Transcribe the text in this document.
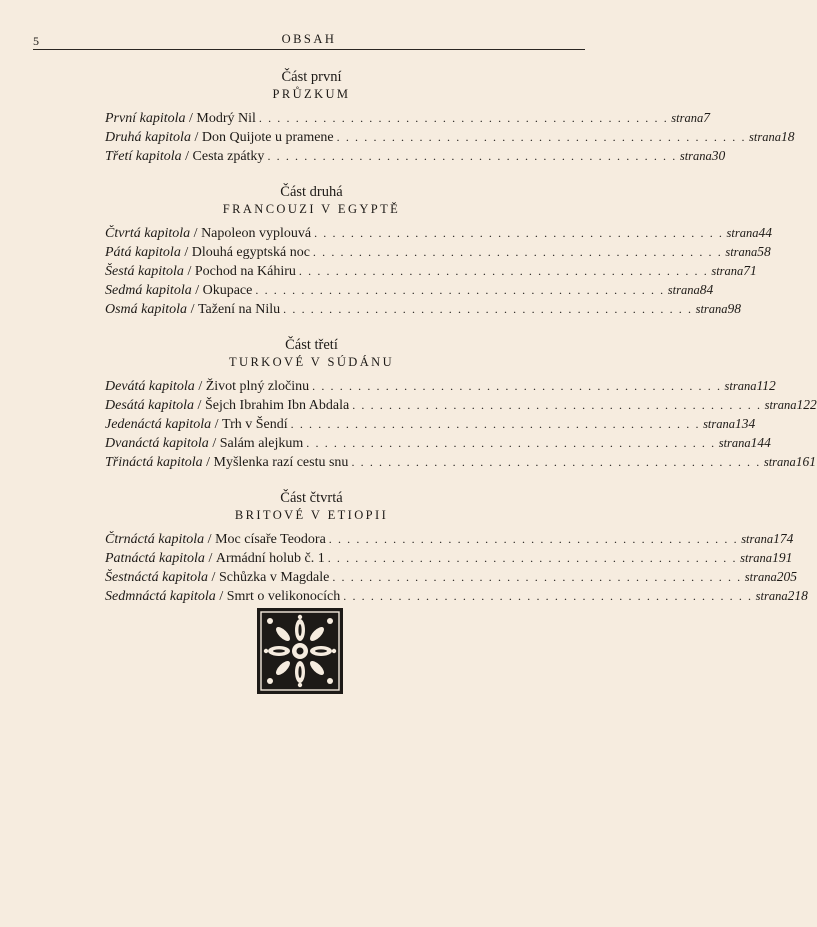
5	OBSAH
Část první
PRŮZKUM
První kapitola / Modrý Nil . . . . . . . . . . . . . . . . . . . . . . . . . . . . . . . . . . . . . . . . . . . . . strana 7
Druhá kapitola / Don Quijote u pramene . . . . . . . . . . . . . . . . . . . . . . . . . . . . . . . . . . . . . . . . . . . . . strana 18
Třetí kapitola / Cesta zpátky . . . . . . . . . . . . . . . . . . . . . . . . . . . . . . . . . . . . . . . . . . . . . strana 30
Část druhá
FRANCOUZI V EGYPTĚ
Čtvrtá kapitola / Napoleon vyplouvá . . . . . . . . . . . . . . . . . . . . . . . . . . . . . . . . . . . . . . . . . . . . . strana 44
Pátá kapitola / Dlouhá egyptská noc . . . . . . . . . . . . . . . . . . . . . . . . . . . . . . . . . . . . . . . . . . . . . strana 58
Šestá kapitola / Pochod na Káhiru . . . . . . . . . . . . . . . . . . . . . . . . . . . . . . . . . . . . . . . . . . . . . strana 71
Sedmá kapitola / Okupace . . . . . . . . . . . . . . . . . . . . . . . . . . . . . . . . . . . . . . . . . . . . . strana 84
Osmá kapitola / Tažení na Nilu . . . . . . . . . . . . . . . . . . . . . . . . . . . . . . . . . . . . . . . . . . . . . strana 98
Část třetí
TURKOVÉ V SÚDÁNU
Devátá kapitola / Život plný zločinu . . . . . . . . . . . . . . . . . . . . . . . . . . . . . . . . . . . . . . . . . . . . . strana 112
Desátá kapitola / Šejch Ibrahim Ibn Abdala . . . . . . . . . . . . . . . . . . . . . . . . . . . . . . . . . . . . . . . . . . . . . strana 122
Jedenáctá kapitola / Trh v Šendí . . . . . . . . . . . . . . . . . . . . . . . . . . . . . . . . . . . . . . . . . . . . . strana 134
Dvanáctá kapitola / Salám alejkum . . . . . . . . . . . . . . . . . . . . . . . . . . . . . . . . . . . . . . . . . . . . . strana 144
Třináctá kapitola / Myšlenka razí cestu snu . . . . . . . . . . . . . . . . . . . . . . . . . . . . . . . . . . . . . . . . . . . . . strana 161
Část čtvrtá
BRITOVÉ V ETIOPII
Čtrnáctá kapitola / Moc císaře Teodora . . . . . . . . . . . . . . . . . . . . . . . . . . . . . . . . . . . . . . . . . . . . . strana 174
Patnáctá kapitola / Armádní holub č. 1 . . . . . . . . . . . . . . . . . . . . . . . . . . . . . . . . . . . . . . . . . . . . . strana 191
Šestnáctá kapitola / Schůzka v Magdale . . . . . . . . . . . . . . . . . . . . . . . . . . . . . . . . . . . . . . . . . . . . . strana 205
Sedmnáctá kapitola / Smrt o velikonocích . . . . . . . . . . . . . . . . . . . . . . . . . . . . . . . . . . . . . . . . . . . . . strana 218
